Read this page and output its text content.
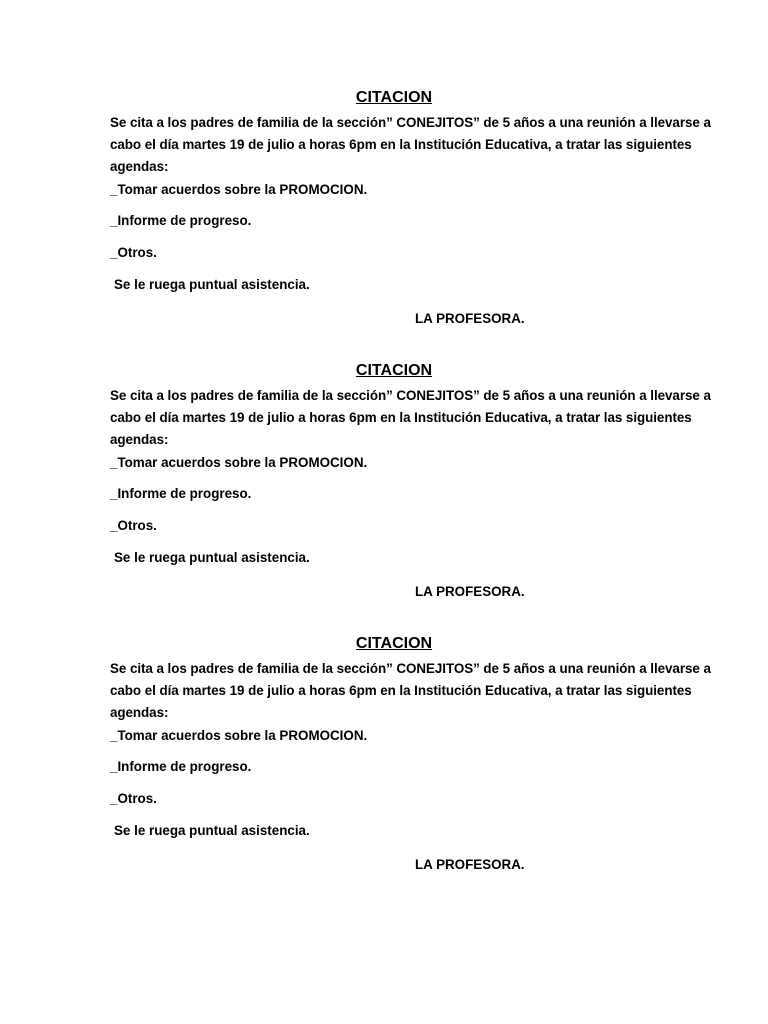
CITACION
Se cita a los padres de familia de la sección” CONEJITOS” de 5 años a una reunión a llevarse a cabo el día martes 19 de julio a horas 6pm en la Institución Educativa, a tratar las siguientes agendas:
_Tomar acuerdos sobre la PROMOCION.
_Informe de progreso.
_Otros.
Se le ruega puntual asistencia.
LA PROFESORA.
CITACION
Se cita a los padres de familia de la sección” CONEJITOS” de 5 años a una reunión a llevarse a cabo el día martes 19 de julio a horas 6pm en la Institución Educativa, a tratar las siguientes agendas:
_Tomar acuerdos sobre la PROMOCION.
_Informe de progreso.
_Otros.
Se le ruega puntual asistencia.
LA PROFESORA.
CITACION
Se cita a los padres de familia de la sección” CONEJITOS” de 5 años a una reunión a llevarse a cabo el día martes 19 de julio a horas 6pm en la Institución Educativa, a tratar las siguientes agendas:
_Tomar acuerdos sobre la PROMOCION.
_Informe de progreso.
_Otros.
Se le ruega puntual asistencia.
LA PROFESORA.
